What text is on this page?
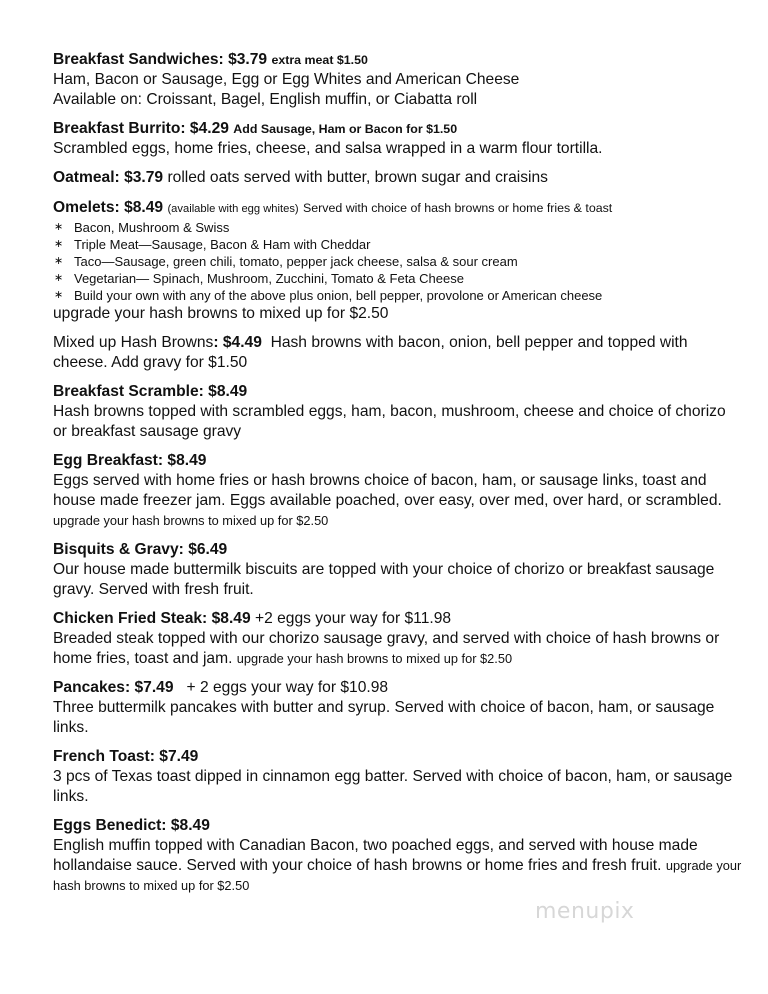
Breakfast Sandwiches: $3.79 extra meat $1.50

Ham, Bacon or Sausage, Egg or Egg Whites and American Cheese

Available on: Croissant, Bagel, English muffin, or Ciabatta roll

Breakfast Burrito: $4.29 Add Sausage, Ham or Bacon for $1.50

Scrambled eggs, home fries, cheese, and salsa wrapped in a warm flour tortilla.

Oatmeal: $3.79 rolled oats served with butter, brown sugar and craisins

Omelets: $8.49 (available with egg whites) Served with choice of hash browns or home fries & toast

∗ Bacon, Mushroom & Swiss
∗ Triple Meat—Sausage, Bacon & Ham with Cheddar
∗ Taco—Sausage, green chili, tomato, pepper jack cheese, salsa & sour cream
∗ Vegetarian— Spinach, Mushroom, Zucchini, Tomato & Feta Cheese
∗ Build your own with any of the above plus onion, bell pepper, provolone or American cheese

upgrade your hash browns to mixed up for $2.50

Mixed up Hash Browns: $4.49 Hash browns with bacon, onion, bell pepper and topped with cheese. Add gravy for $1.50

Breakfast Scramble: $8.49

Hash browns topped with scrambled eggs, ham, bacon, mushroom, cheese and choice of chorizo or breakfast sausage gravy

Egg Breakfast: $8.49

Eggs served with home fries or hash browns choice of bacon, ham, or sausage links, toast and house made freezer jam. Eggs available poached, over easy, over med, over hard, or scrambled. upgrade your hash browns to mixed up for $2.50

Bisquits & Gravy: $6.49

Our house made buttermilk biscuits are topped with your choice of chorizo or breakfast sausage gravy. Served with fresh fruit.

Chicken Fried Steak: $8.49 +2 eggs your way for $11.98

Breaded steak topped with our chorizo sausage gravy, and served with choice of hash browns or home fries, toast and jam. upgrade your hash browns to mixed up for $2.50

Pancakes: $7.49 + 2 eggs your way for $10.98

Three buttermilk pancakes with butter and syrup. Served with choice of bacon, ham, or sausage links.

French Toast: $7.49

3 pcs of Texas toast dipped in cinnamon egg batter. Served with choice of bacon, ham, or sausage links.

Eggs Benedict: $8.49

English muffin topped with Canadian Bacon, two poached eggs, and served with house made hollandaise sauce. Served with your choice of hash browns or home fries and fresh fruit. upgrade your hash browns to mixed up for $2.50

menupix
